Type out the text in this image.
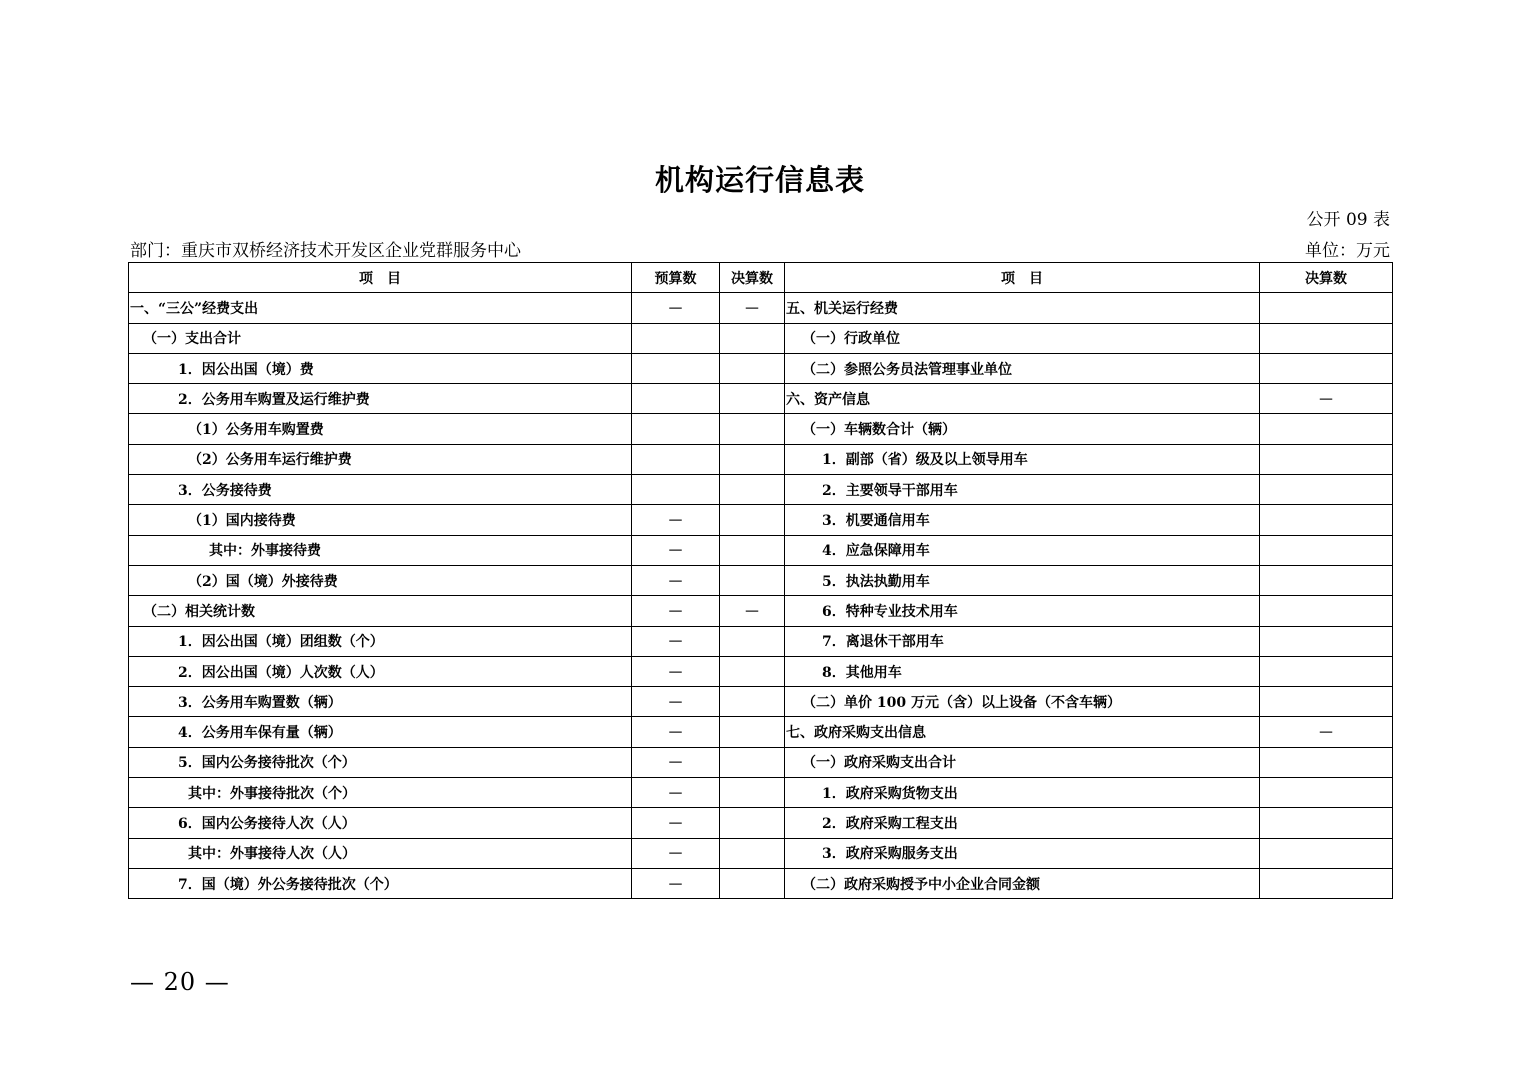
机构运行信息表
公开 09 表
部门：重庆市双桥经济技术开发区企业党群服务中心	单位：万元
项　目	预算数	决算数	项　目	决算数
一、“三公”经费支出	—	—	五、机关运行经费	
（一）支出合计			（一）行政单位	
1．因公出国（境）费			（二）参照公务员法管理事业单位	
2．公务用车购置及运行维护费			六、资产信息	—
（1）公务用车购置费			（一）车辆数合计（辆）	
（2）公务用车运行维护费			1．副部（省）级及以上领导用车	
3．公务接待费			2．主要领导干部用车	
（1）国内接待费	—		3．机要通信用车	
其中：外事接待费	—		4．应急保障用车	
（2）国（境）外接待费	—		5．执法执勤用车	
（二）相关统计数	—	—	6．特种专业技术用车	
1．因公出国（境）团组数（个）	—		7．离退休干部用车	
2．因公出国（境）人次数（人）	—		8．其他用车	
3．公务用车购置数（辆）	—		（二）单价 100 万元（含）以上设备（不含车辆）	
4．公务用车保有量（辆）	—		七、政府采购支出信息	—
5．国内公务接待批次（个）	—		（一）政府采购支出合计	
其中：外事接待批次（个）	—		1．政府采购货物支出	
6．国内公务接待人次（人）	—		2．政府采购工程支出	
其中：外事接待人次（人）	—		3．政府采购服务支出	
7．国（境）外公务接待批次（个）	—		（二）政府采购授予中小企业合同金额	
— 20 —
